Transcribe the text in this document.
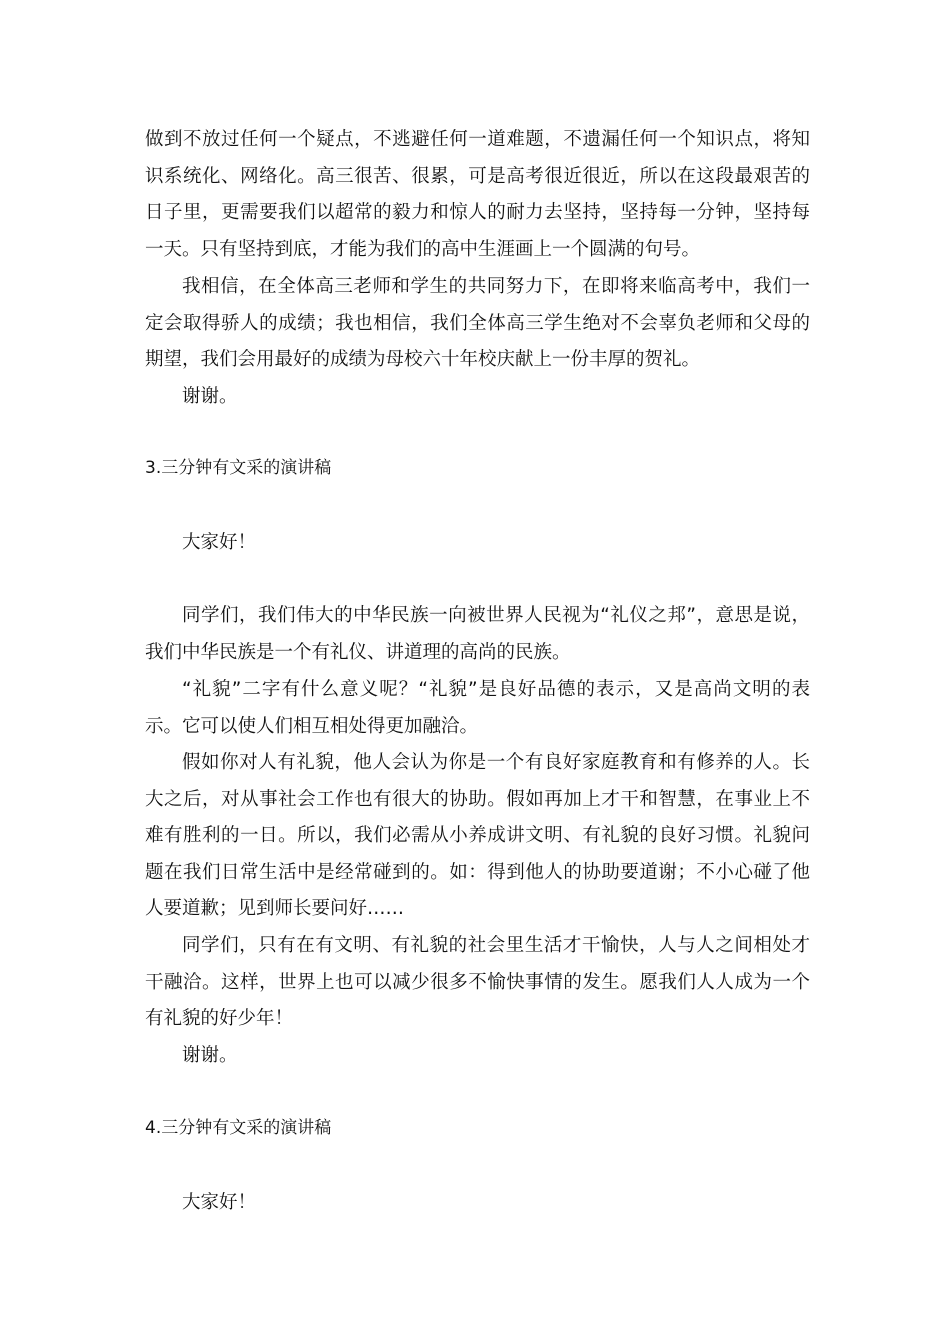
做到不放过任何一个疑点，不逃避任何一道难题，不遗漏任何一个知识点，将知识系统化、网络化。高三很苦、很累，可是高考很近很近，所以在这段最艰苦的日子里，更需要我们以超常的毅力和惊人的耐力去坚持，坚持每一分钟，坚持每一天。只有坚持到底，才能为我们的高中生涯画上一个圆满的句号。

我相信，在全体高三老师和学生的共同努力下，在即将来临高考中，我们一定会取得骄人的成绩；我也相信，我们全体高三学生绝对不会辜负老师和父母的期望，我们会用最好的成绩为母校六十年校庆献上一份丰厚的贺礼。

谢谢。

3.三分钟有文采的演讲稿

大家好！

同学们，我们伟大的中华民族一向被世界人民视为“礼仪之邦”，意思是说，我们中华民族是一个有礼仪、讲道理的高尚的民族。

“礼貌”二字有什么意义呢？“礼貌”是良好品德的表示，又是高尚文明的表示。它可以使人们相互相处得更加融洽。

假如你对人有礼貌，他人会认为你是一个有良好家庭教育和有修养的人。长大之后，对从事社会工作也有很大的协助。假如再加上才干和智慧，在事业上不难有胜利的一日。所以，我们必需从小养成讲文明、有礼貌的良好习惯。礼貌问题在我们日常生活中是经常碰到的。如：得到他人的协助要道谢；不小心碰了他人要道歉；见到师长要问好……

同学们，只有在有文明、有礼貌的社会里生活才干愉快，人与人之间相处才干融洽。这样，世界上也可以减少很多不愉快事情的发生。愿我们人人成为一个有礼貌的好少年！

谢谢。

4.三分钟有文采的演讲稿

大家好！
